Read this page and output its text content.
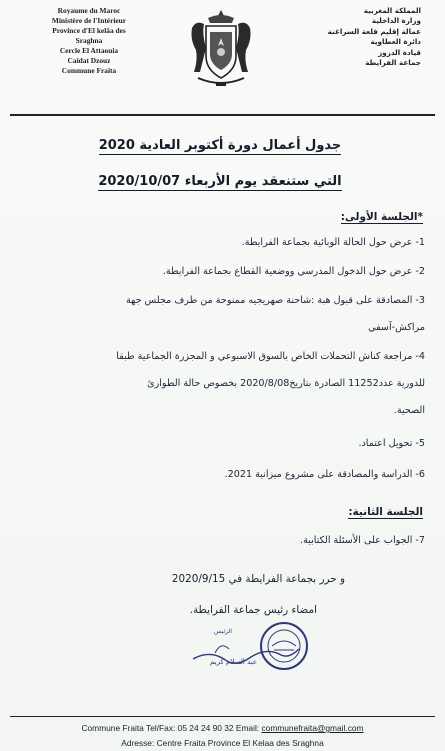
Royaume du Maroc
Ministère de l'Intérieur
Province d'El kelâa des
Sraghna
Cercle El Attaouia
Caïdat Dzouz
Commune Fraita
المملكة المغربية
وزارة الداخلية
عمالة إقليم قلعة السراغنة
دائرة العطاوية
قيادة الدزوز
جماعة الفرايطة
جدول أعمال دورة أكتوبر العادية 2020
التي ستنعقد يوم الأربعاء 2020/10/07
*الجلسة الأولى:
1- عرض حول الحالة الوبائية بجماعة الفرايطة.
2- عرض حول الدخول المدرسي ووضعية القطاع بجماعة الفرايطة.
3- المصادقة على قبول هبة :شاحنة صهريجيه ممنوحة من طرف مجلس جهة
مراكش-آسفي
4- مراجعة كناش التحملات الخاص بالسوق الاسبوعي و المجزرة الجماعية طبقا
للدورية عدد11252 الصادرة بتاريخ2020/8/08 بخصوص حالة الطوارئ
الصحية.
5- تحويل اعتماد.
6- الدراسة والمصادقة على مشروع ميزانية 2021.
الجلسة الثانية:
7- الجواب على الأسئلة الكتابية.
و حرر بجماعة الفرايطة في 2020/9/15
امضاء رئيس جماعة الفرايطة.
الرئيس
عبد السلام كريم
Commune Fraita Tel/Fax: 05 24 24 90 32 Email: communefraita@gmail.com
Adresse: Centre Fraita Province El Kelaa des Sraghna
